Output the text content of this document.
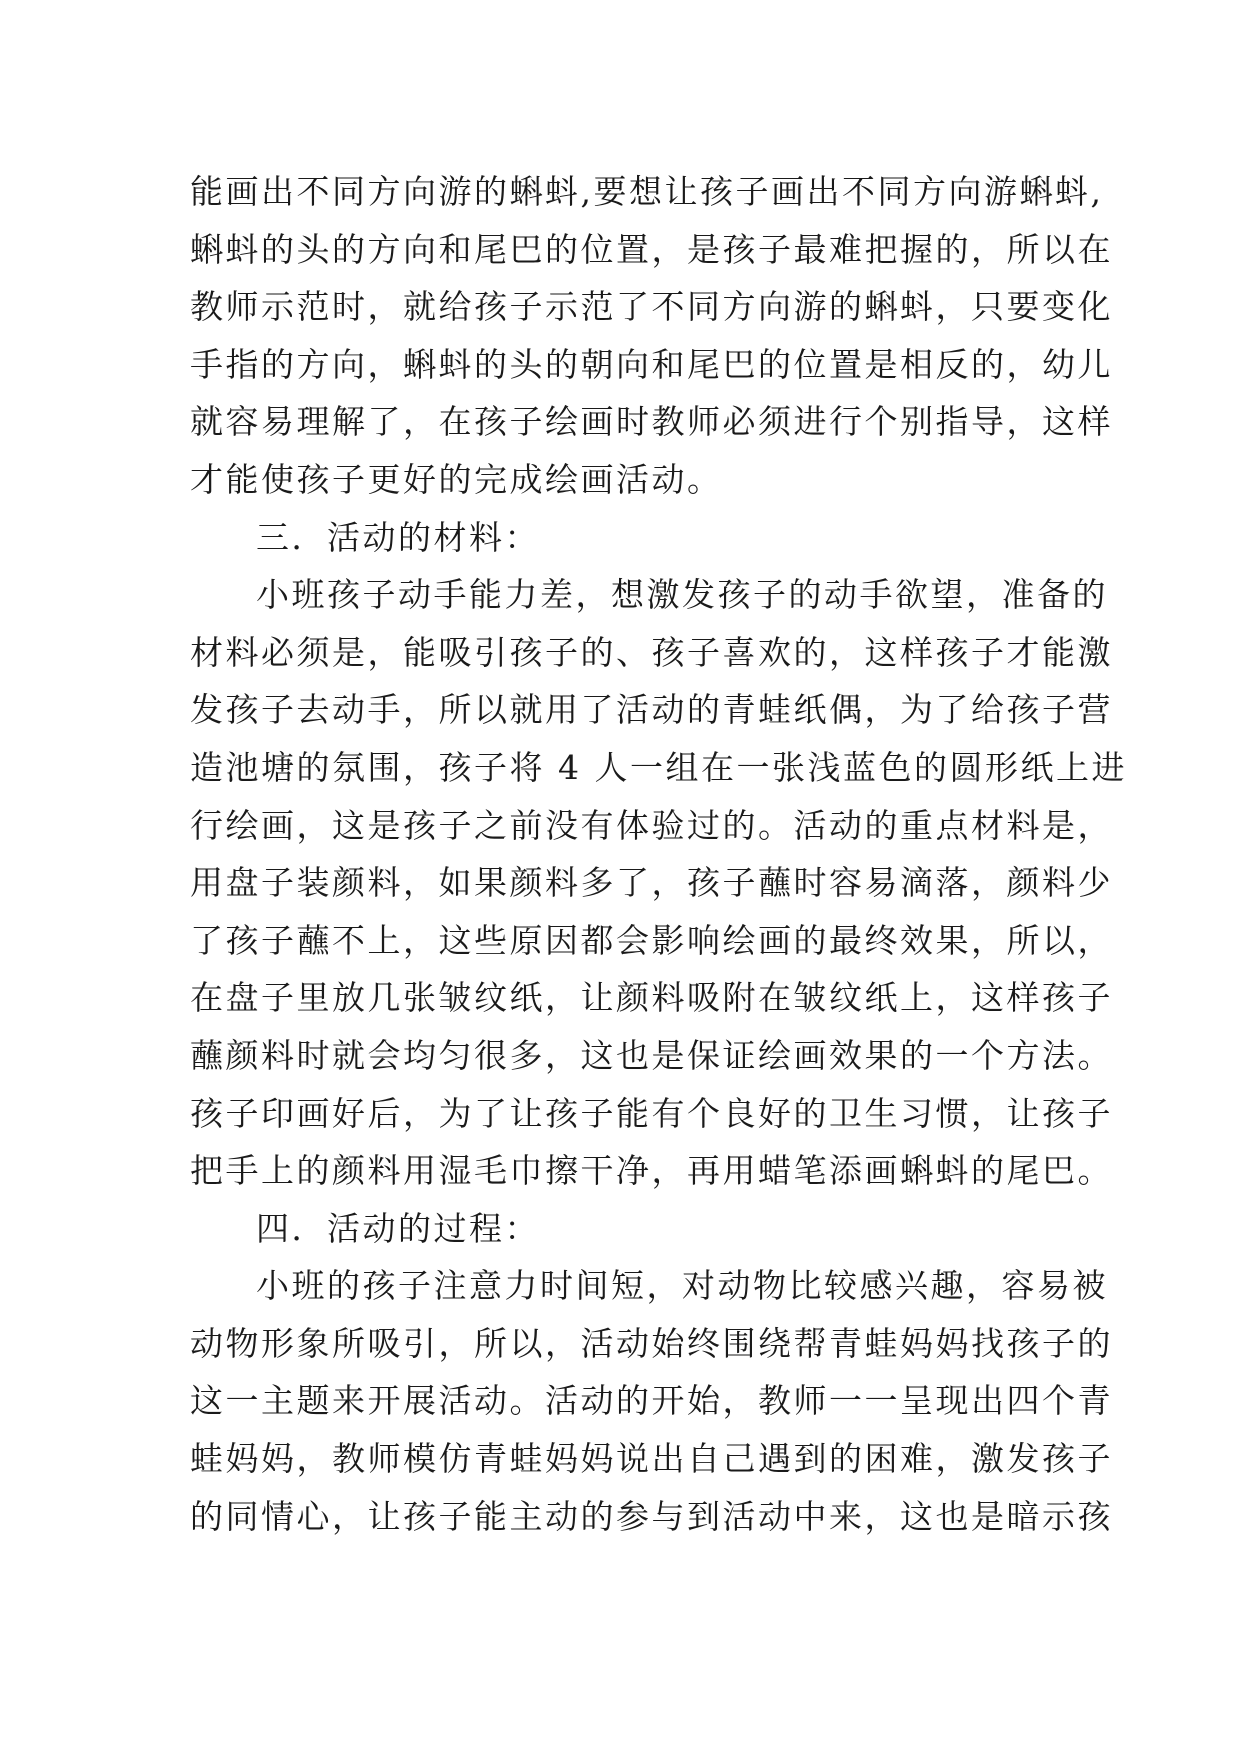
能画出不同方向游的蝌蚪,要想让孩子画出不同方向游蝌蚪,
蝌蚪的头的方向和尾巴的位置，是孩子最难把握的，所以在
教师示范时，就给孩子示范了不同方向游的蝌蚪，只要变化
手指的方向，蝌蚪的头的朝向和尾巴的位置是相反的，幼儿
就容易理解了，在孩子绘画时教师必须进行个别指导，这样
才能使孩子更好的完成绘画活动。
三．活动的材料：
小班孩子动手能力差，想激发孩子的动手欲望，准备的
材料必须是，能吸引孩子的、孩子喜欢的，这样孩子才能激
发孩子去动手，所以就用了活动的青蛙纸偶，为了给孩子营
造池塘的氛围，孩子将 4 人一组在一张浅蓝色的圆形纸上进
行绘画，这是孩子之前没有体验过的。活动的重点材料是，
用盘子装颜料，如果颜料多了，孩子蘸时容易滴落，颜料少
了孩子蘸不上，这些原因都会影响绘画的最终效果，所以，
在盘子里放几张皱纹纸，让颜料吸附在皱纹纸上，这样孩子
蘸颜料时就会均匀很多，这也是保证绘画效果的一个方法。
孩子印画好后，为了让孩子能有个良好的卫生习惯，让孩子
把手上的颜料用湿毛巾擦干净，再用蜡笔添画蝌蚪的尾巴。
四．活动的过程：
小班的孩子注意力时间短，对动物比较感兴趣，容易被
动物形象所吸引，所以，活动始终围绕帮青蛙妈妈找孩子的
这一主题来开展活动。活动的开始，教师一一呈现出四个青
蛙妈妈，教师模仿青蛙妈妈说出自己遇到的困难，激发孩子
的同情心，让孩子能主动的参与到活动中来，这也是暗示孩
